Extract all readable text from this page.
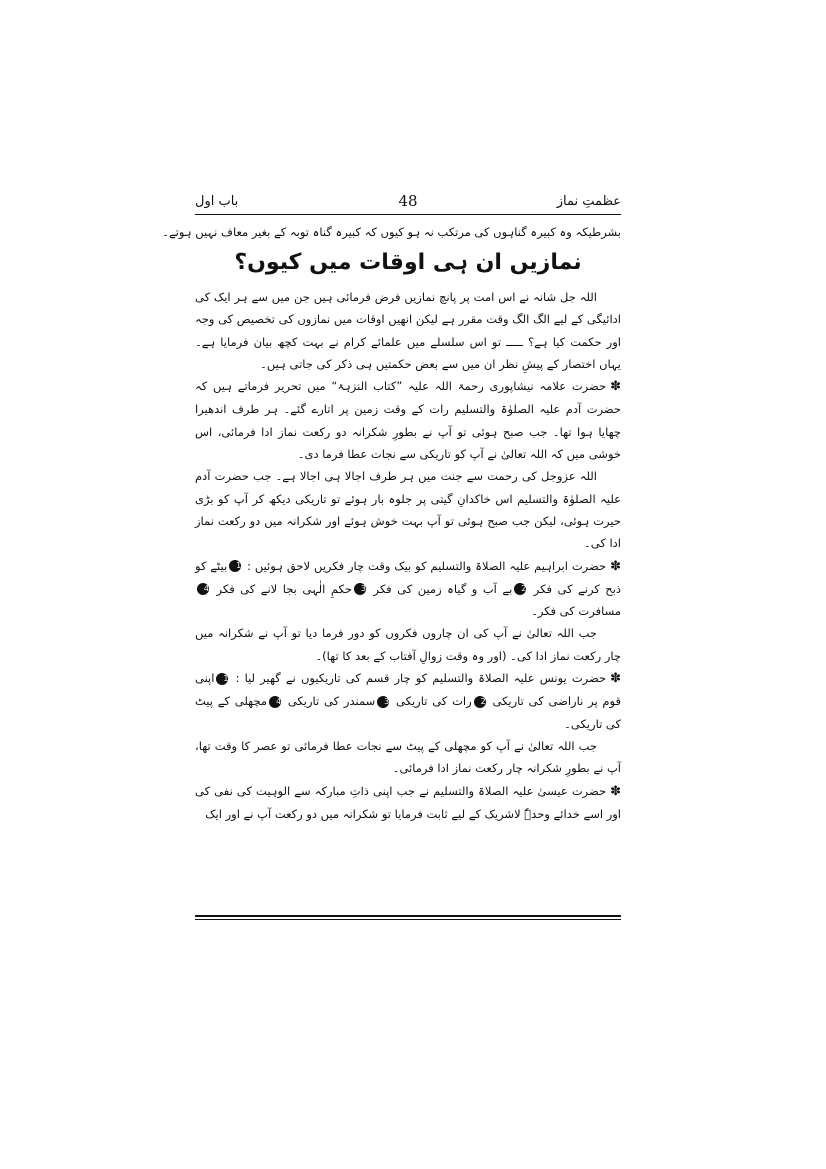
عظمتِ نماز
48
باب اول
بشرطیکہ وہ کبیرہ گناہوں کی مرتکب نہ ہو کیوں کہ کبیرہ گناہ توبہ کے بغیر معاف نہیں ہوتے۔
نمازیں ان ہی اوقات میں کیوں؟

اللہ جل شانہ نے اس امت پر پانچ نمازیں فرض فرمائی ہیں جن میں سے ہر ایک کی ادائیگی کے لیے الگ الگ وقت مقرر ہے لیکن انھیں اوقات میں نمازوں کی تخصیص کی وجہ اور حکمت کیا ہے؟ ـــــ تو اس سلسلے میں علمائے کرام نے بہت کچھ بیان فرمایا ہے۔ یہاں اختصار کے پیشِ نظر ان میں سے بعض حکمتیں ہی ذکر کی جاتی ہیں۔

✽حضرت علامہ نیشاپوری رحمۃ اللہ علیہ ”کتاب النزہۃ“ میں تحریر فرماتے ہیں کہ حضرت آدم علیہ الصلوٰۃ والتسلیم رات کے وقت زمین پر اتارے گئے۔ ہر طرف اندھیرا چھایا ہوا تھا۔ جب صبح ہوئی تو آپ نے بطورِ شکرانہ دو رکعت نماز ادا فرمائی، اس خوشی میں کہ اللہ تعالیٰ نے آپ کو تاریکی سے نجات عطا فرما دی۔

اللہ عزوجل کی رحمت سے جنت میں ہر طرف اجالا ہی اجالا ہے۔ جب حضرت آدم علیہ الصلوٰۃ والتسلیم اس خاکدانِ گیتی پر جلوہ بار ہوئے تو تاریکی دیکھ کر آپ کو بڑی حیرت ہوئی، لیکن جب صبح ہوئی تو آپ بہت خوش ہوئے اور شکرانہ میں دو رکعت نماز ادا کی۔

✽حضرت ابراہیم علیہ الصلاۃ والتسلیم کو بیک وقت چار فکریں لاحق ہوئیں : 1بیٹے کو ذبح کرنے کی فکر 2بے آب و گیاہ زمین کی فکر 3حکمِ الٰہی بجا لانے کی فکر 4مسافرت کی فکر۔

جب اللہ تعالیٰ نے آپ کی ان چاروں فکروں کو دور فرما دیا تو آپ نے شکرانہ میں چار رکعت نماز ادا کی۔ (اور وہ وقت زوالِ آفتاب کے بعد کا تھا)۔

✽حضرت یونس علیہ الصلاۃ والتسلیم کو چار قسم کی تاریکیوں نے گھیر لیا : 1اپنی قوم پر ناراضی کی تاریکی 2رات کی تاریکی 3سمندر کی تاریکی 4مچھلی کے پیٹ کی تاریکی۔

جب اللہ تعالیٰ نے آپ کو مچھلی کے پیٹ سے نجات عطا فرمائی تو عصر کا وقت تھا، آپ نے بطورِ شکرانہ چار رکعت نماز ادا فرمائی۔

✽حضرت عیسیٰ علیہ الصلاۃ والتسلیم نے جب اپنی ذاتِ مبارکہ سے الوہیت کی نفی کی اور اسے خدائے وحدہٗ لاشریک کے لیے ثابت فرمایا تو شکرانہ میں دو رکعت آپ نے اور ایک
